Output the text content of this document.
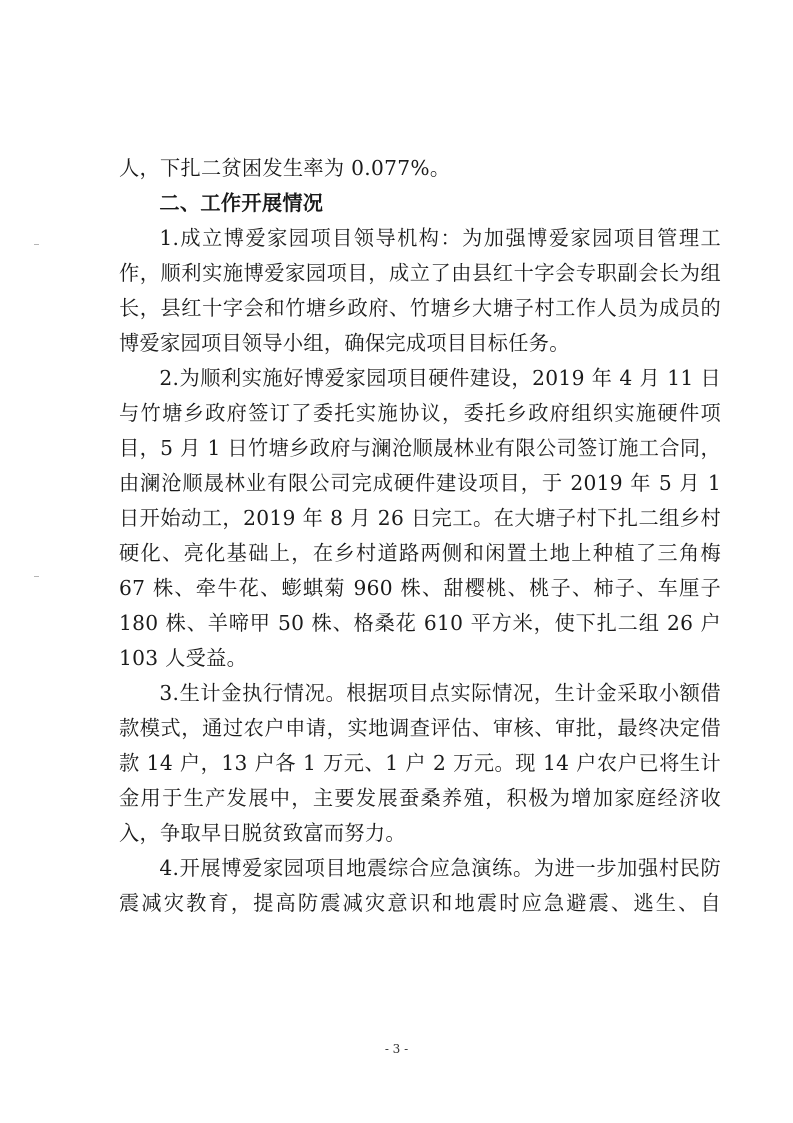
人，下扎二贫困发生率为 0.077%。

二、工作开展情况

1.成立博爱家园项目领导机构：为加强博爱家园项目管理工作，顺利实施博爱家园项目，成立了由县红十字会专职副会长为组长，县红十字会和竹塘乡政府、竹塘乡大塘子村工作人员为成员的博爱家园项目领导小组，确保完成项目目标任务。

2.为顺利实施好博爱家园项目硬件建设，2019 年 4 月 11 日与竹塘乡政府签订了委托实施协议，委托乡政府组织实施硬件项目，5 月 1 日竹塘乡政府与澜沧顺晟林业有限公司签订施工合同，由澜沧顺晟林业有限公司完成硬件建设项目，于 2019 年 5 月 1 日开始动工，2019 年 8 月 26 日完工。在大塘子村下扎二组乡村硬化、亮化基础上，在乡村道路两侧和闲置土地上种植了三角梅 67 株、牵牛花、蟛蜞菊 960 株、甜樱桃、桃子、柿子、车厘子 180 株、羊啼甲 50 株、格桑花 610 平方米，使下扎二组 26 户 103 人受益。

3.生计金执行情况。根据项目点实际情况，生计金采取小额借款模式，通过农户申请，实地调查评估、审核、审批，最终决定借款 14 户，13 户各 1 万元、1 户 2 万元。现 14 户农户已将生计金用于生产发展中，主要发展蚕桑养殖，积极为增加家庭经济收入，争取早日脱贫致富而努力。

4.开展博爱家园项目地震综合应急演练。为进一步加强村民防震减灾教育，提高防震减灾意识和地震时应急避震、逃生、自

- 3 -
